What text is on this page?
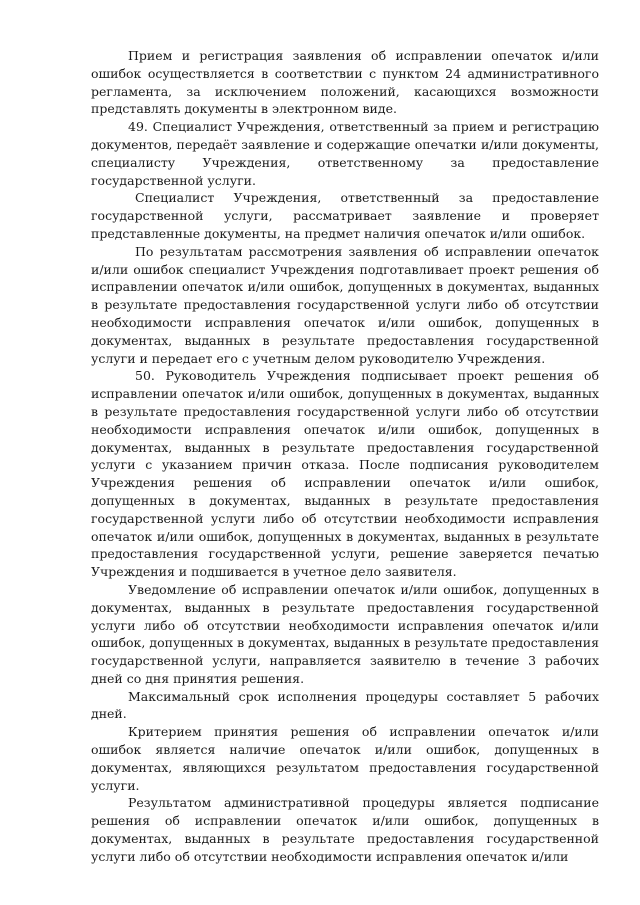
Прием и регистрация заявления об исправлении опечаток и/или ошибок осуществляется в соответствии с пунктом 24 административного регламента, за исключением положений, касающихся возможности представлять документы в электронном виде.

49. Специалист Учреждения, ответственный за прием и регистрацию документов, передаёт заявление и содержащие опечатки и/или документы, специалисту Учреждения, ответственному за предоставление государственной услуги.

Специалист Учреждения, ответственный за предоставление государственной услуги, рассматривает заявление и проверяет представленные документы, на предмет наличия опечаток и/или ошибок.

По результатам рассмотрения заявления об исправлении опечаток и/или ошибок специалист Учреждения подготавливает проект решения об исправлении опечаток и/или ошибок, допущенных в документах, выданных в результате предоставления государственной услуги либо об отсутствии необходимости исправления опечаток и/или ошибок, допущенных в документах, выданных в результате предоставления государственной услуги и передает его с учетным делом руководителю Учреждения.

50. Руководитель Учреждения подписывает проект решения об исправлении опечаток и/или ошибок, допущенных в документах, выданных в результате предоставления государственной услуги либо об отсутствии необходимости исправления опечаток и/или ошибок, допущенных в документах, выданных в результате предоставления государственной услуги с указанием причин отказа. После подписания руководителем Учреждения решения об исправлении опечаток и/или ошибок, допущенных в документах, выданных в результате предоставления государственной услуги либо об отсутствии необходимости исправления опечаток и/или ошибок, допущенных в документах, выданных в результате предоставления государственной услуги, решение заверяется печатью Учреждения и подшивается в учетное дело заявителя.

Уведомление об исправлении опечаток и/или ошибок, допущенных в документах, выданных в результате предоставления государственной услуги либо об отсутствии необходимости исправления опечаток и/или ошибок, допущенных в документах, выданных в результате предоставления государственной услуги, направляется заявителю в течение 3 рабочих дней со дня принятия решения.

Максимальный срок исполнения процедуры составляет 5 рабочих дней.

Критерием принятия решения об исправлении опечаток и/или ошибок является наличие опечаток и/или ошибок, допущенных в документах, являющихся результатом предоставления государственной услуги.

Результатом административной процедуры является подписание решения об исправлении опечаток и/или ошибок, допущенных в документах, выданных в результате предоставления государственной услуги либо об отсутствии необходимости исправления опечаток и/или
